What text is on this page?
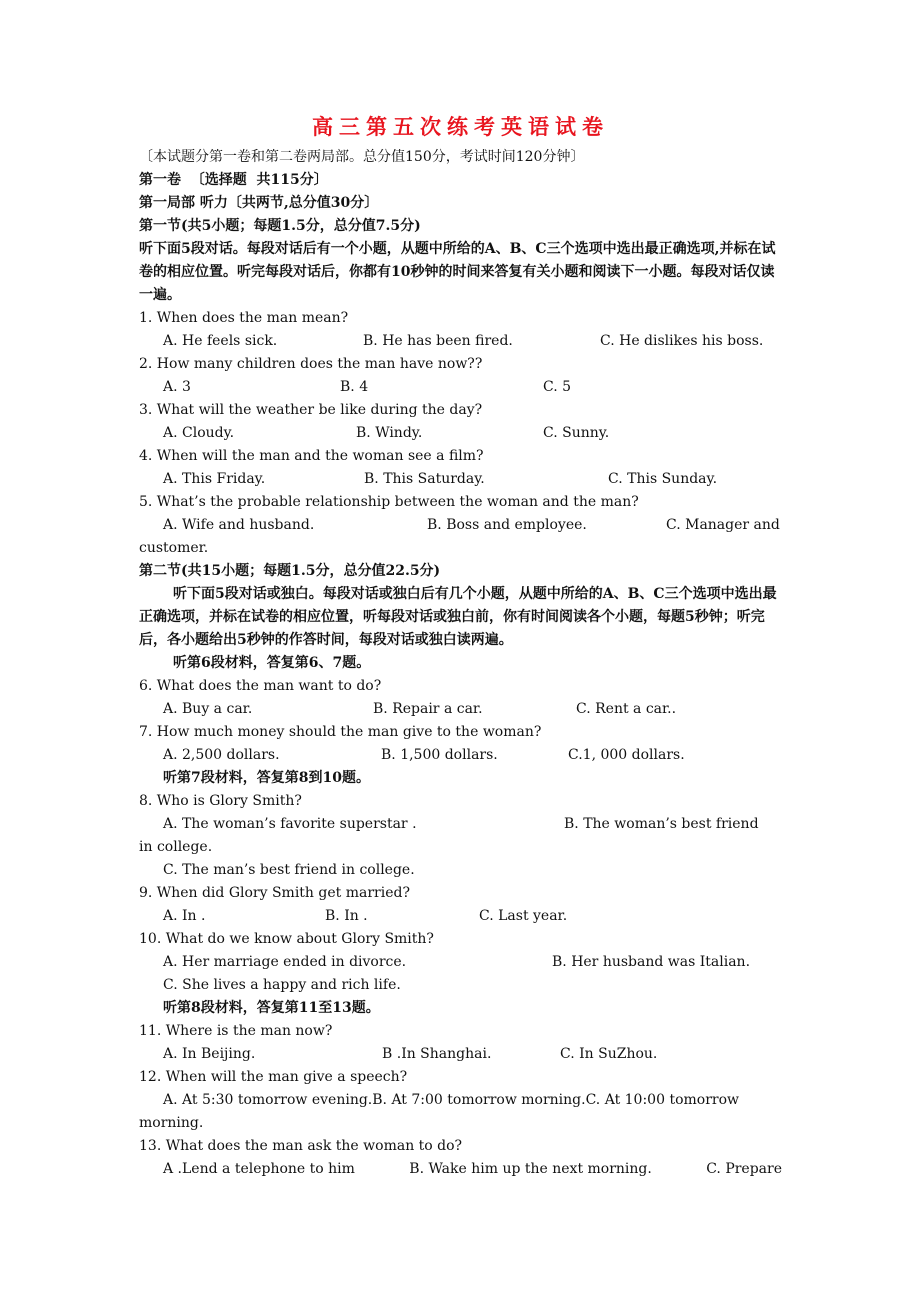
高三第五次练考英语试卷
〔本试题分第一卷和第二卷两局部。总分值150分，考试时间120分钟〕
第一卷  〔选择题  共115分〕
第一局部 听力〔共两节,总分值30分〕
第一节(共5小题；每题1.5分，总分值7.5分)
听下面5段对话。每段对话后有一个小题，从题中所给的A、B、C三个选项中选出最正确选项,并标在试卷的相应位置。听完每段对话后，你都有10秒钟的时间来答复有关小题和阅读下一小题。每段对话仅读一遍。
1. When does the man mean?
A. He feels sick.	B. He has been fired.	C. He dislikes his boss.
2. How many children does the man have now??
A. 3	B. 4	C. 5
3. What will the weather be like during the day?
A. Cloudy.	B. Windy.	C. Sunny.
4. When will the man and the woman see a film?
A. This Friday.	B. This Saturday.	C. This Sunday.
5. What’s the probable relationship between the woman and the man?
A. Wife and husband.	B. Boss and employee.	C. Manager and
customer.
第二节(共15小题；每题1.5分，总分值22.5分)
听下面5段对话或独白。每段对话或独白后有几个小题，从题中所给的A、B、C三个选项中选出最正确选项，并标在试卷的相应位置，听每段对话或独白前，你有时间阅读各个小题，每题5秒钟；听完后，各小题给出5秒钟的作答时间，每段对话或独白读两遍。
听第6段材料，答复第6、7题。
6. What does the man want to do?
A. Buy a car.	B. Repair a car.	C. Rent a car..
7. How much money should the man give to the woman?
A. 2,500 dollars.	B. 1,500 dollars.	C.1, 000 dollars.
听第7段材料，答复第8到10题。
8. Who is Glory Smith?
A. The woman’s favorite superstar .	B. The woman’s best friend
in college.
C. The man’s best friend in college.
9. When did Glory Smith get married?
A. In .	B. In .	C. Last year.
10. What do we know about Glory Smith?
A. Her marriage ended in divorce.	B. Her husband was Italian.
C. She lives a happy and rich life.
听第8段材料，答复第11至13题。
11. Where is the man now?
A. In Beijing.	B .In Shanghai.	C. In SuZhou.
12. When will the man give a speech?
A. At 5:30 tomorrow evening. B. At 7:00 tomorrow morning. C. At 10:00 tomorrow
morning.
13. What does the man ask the woman to do?
A .Lend a telephone to him	B. Wake him up the next morning.	C. Prepare
